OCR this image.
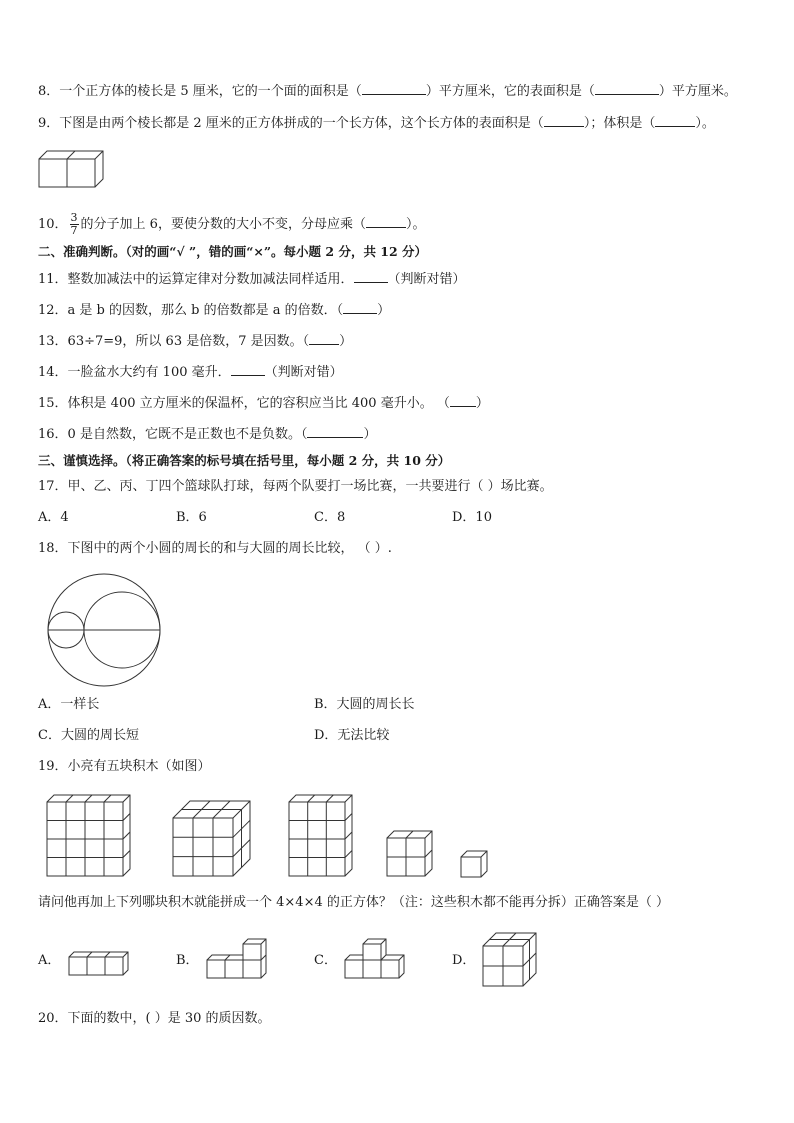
8．一个正方体的棱长是 5 厘米，它的一个面的面积是（	）平方厘米，它的表面积是（	）平方厘米。
9．下图是由两个棱长都是 2 厘米的正方体拼成的一个长方体，这个长方体的表面积是（	）；体积是（	）。
10． $\frac{3}{7}$ 的分子加上 6，要使分数的大小不变，分母应乘（	）。
二、准确判断。（对的画“√ ”，错的画“×”。每小题 2 分，共 12 分）
11．整数加减法中的运算定律对分数加减法同样适用．	（判断对错）
12．a 是 b 的因数，那么 b 的倍数都是 a 的倍数．（	）
13．63÷7=9，所以 63 是倍数，7 是因数。（ ）
14．一脸盆水大约有 100 毫升．	（判断对错）
15．体积是 400 立方厘米的保温杯，它的容积应当比 400 毫升小。 （ ）
16．0 是自然数，它既不是正数也不是负数。（	）
三、谨慎选择。（将正确答案的标号填在括号里，每小题 2 分，共 10 分）
17．甲、乙、丙、丁四个篮球队打球，每两个队要打一场比赛，一共要进行（ ）场比赛。
A．4	B．6	C．8	D．10
18．下图中的两个小圆的周长的和与大圆的周长比较， （ ）.
A．一样长	B．大圆的周长长
C．大圆的周长短	D．无法比较
19．小亮有五块积木（如图）
请问他再加上下列哪块积木就能拼成一个 4×4×4 的正方体？（注：这些积木都不能再分拆）正确答案是（ ）
A．	B．	C．	D．
20．下面的数中，( ）是 30 的质因数。
